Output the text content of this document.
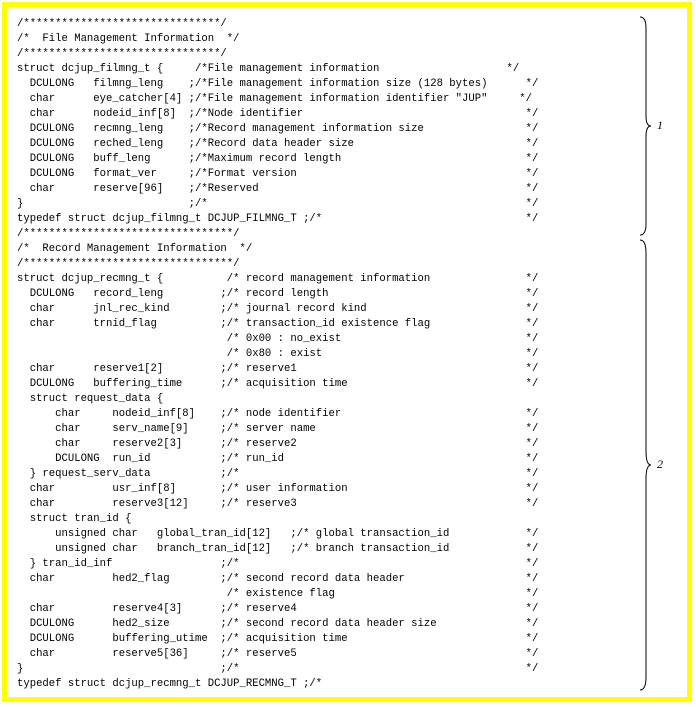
/*******************************/
/*  File Management Information  */
/*******************************/
struct dcjup_filmng_t {     /*File management information                    */
DCULONG   filmng_leng    ;/*File management information size (128 bytes)      */
char      eye_catcher[4] ;/*File management information identifier "JUP"     */
char      nodeid_inf[8]  ;/*Node identifier                                   */
DCULONG   recmng_leng    ;/*Record management information size                */
DCULONG   reched_leng    ;/*Record data header size                           */
DCULONG   buff_leng      ;/*Maximum record length                             */
DCULONG   format_ver     ;/*Format version                                    */
char      reserve[96]    ;/*Reserved                                          */
}                          ;/*                                                  */
typedef struct dcjup_filmng_t DCJUP_FILMNG_T ;/*                                */
/*********************************/
/*  Record Management Information  */
/*********************************/
struct dcjup_recmng_t {          /* record management information               */
DCULONG   record_leng         ;/* record length                               */
char      jnl_rec_kind        ;/* journal record kind                         */
char      trnid_flag          ;/* transaction_id existence flag               */
/* 0x00 : no_exist                             */
/* 0x80 : exist                                */
char      reserve1[2]         ;/* reserve1                                    */
DCULONG   buffering_time      ;/* acquisition time                            */
struct request_data {
char     nodeid_inf[8]    ;/* node identifier                             */
char     serv_name[9]     ;/* server name                                 */
char     reserve2[3]      ;/* reserve2                                    */
DCULONG  run_id           ;/* run_id                                      */
} request_serv_data           ;/*                                             */
char         usr_inf[8]       ;/* user information                            */
char         reserve3[12]     ;/* reserve3                                    */
struct tran_id {
unsigned char   global_tran_id[12]   ;/* global transaction_id            */
unsigned char   branch_tran_id[12]   ;/* branch transaction_id            */
} tran_id_inf                 ;/*                                             */
char         hed2_flag        ;/* second record data header                   */
/* existence flag                              */
char         reserve4[3]      ;/* reserve4                                    */
DCULONG      hed2_size        ;/* second record data header size              */
DCULONG      buffering_utime  ;/* acquisition time                            */
char         reserve5[36]     ;/* reserve5                                    */
}                               ;/*                                             */
typedef struct dcjup_recmng_t DCJUP_RECMNG_T ;/*
1
2
